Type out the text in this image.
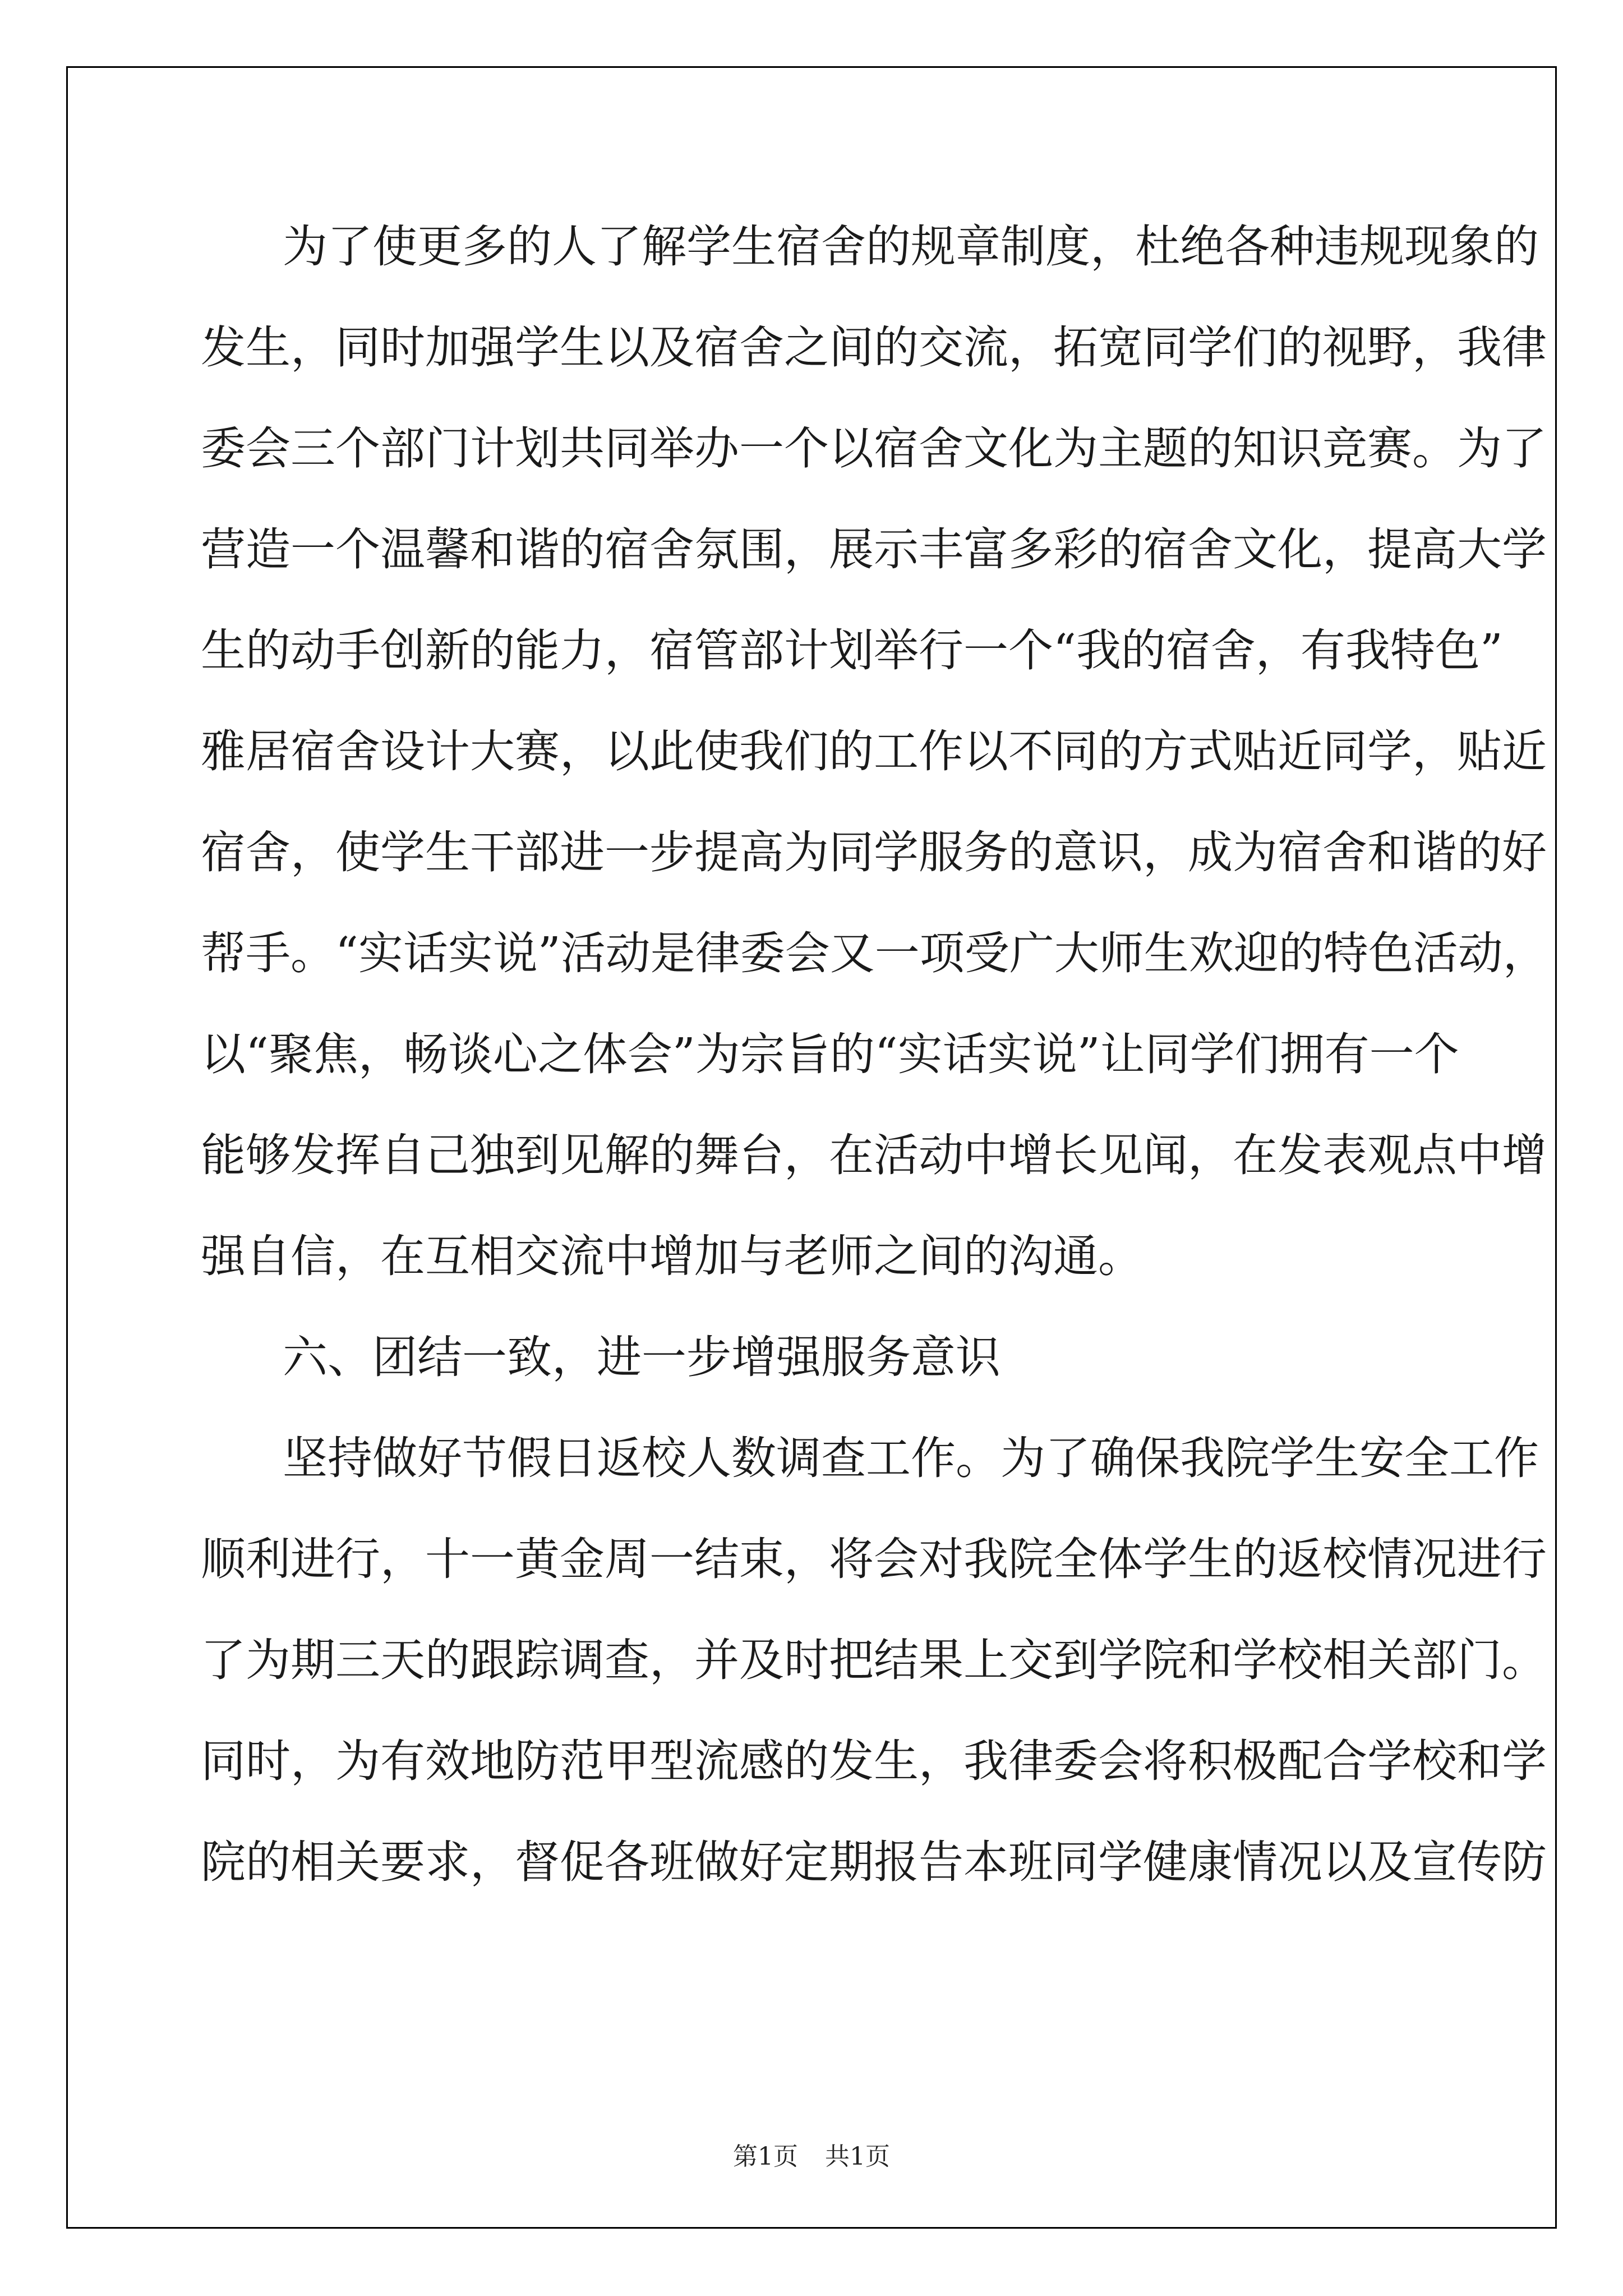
为了使更多的人了解学生宿舍的规章制度，杜绝各种违规现象的
发生，同时加强学生以及宿舍之间的交流，拓宽同学们的视野，我律
委会三个部门计划共同举办一个以宿舍文化为主题的知识竞赛。为了
营造一个温馨和谐的宿舍氛围，展示丰富多彩的宿舍文化，提高大学
生的动手创新的能力，宿管部计划举行一个“我的宿舍，有我特色”
雅居宿舍设计大赛，以此使我们的工作以不同的方式贴近同学，贴近
宿舍，使学生干部进一步提高为同学服务的意识，成为宿舍和谐的好
帮手。“实话实说”活动是律委会又一项受广大师生欢迎的特色活动，
以“聚焦，畅谈心之体会”为宗旨的“实话实说”让同学们拥有一个
能够发挥自己独到见解的舞台，在活动中增长见闻，在发表观点中增
强自信，在互相交流中增加与老师之间的沟通。
六、团结一致，进一步增强服务意识
坚持做好节假日返校人数调查工作。为了确保我院学生安全工作
顺利进行，十一黄金周一结束，将会对我院全体学生的返校情况进行
了为期三天的跟踪调查，并及时把结果上交到学院和学校相关部门。
同时，为有效地防范甲型流感的发生，我律委会将积极配合学校和学
院的相关要求，督促各班做好定期报告本班同学健康情况以及宣传防
第1页 共1页
